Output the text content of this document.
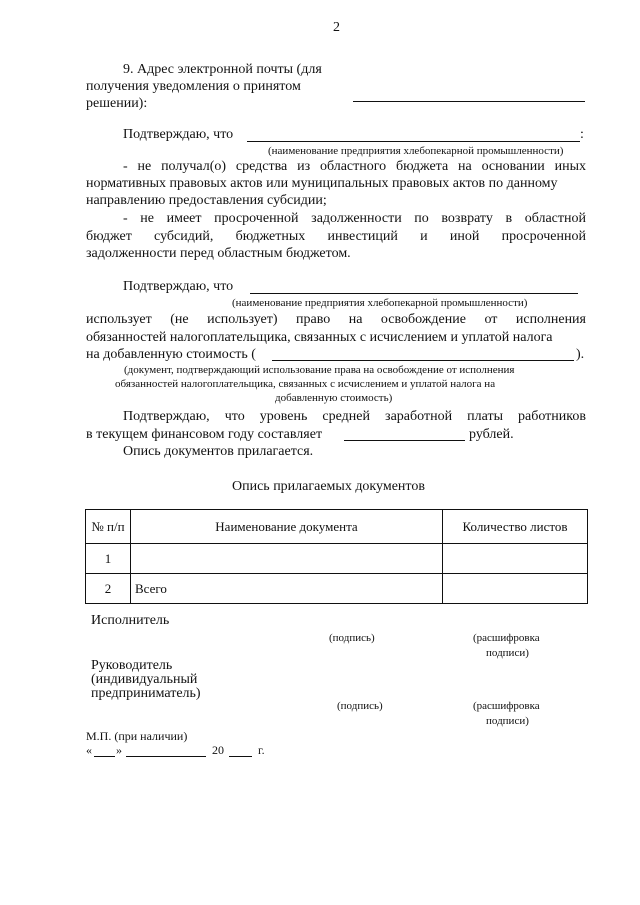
2
9. Адрес электронной почты (для
получения уведомления о принятом
решении):
Подтверждаю, что	:
(наименование предприятия хлебопекарной промышленности)
- не получал(о) средства из областного бюджета на основании иных
нормативных правовых актов или муниципальных правовых актов по данному
направлению предоставления субсидии;
- не имеет просроченной задолженности по возврату в областной
бюджет субсидий, бюджетных инвестиций и иной просроченной
задолженности перед областным бюджетом.
Подтверждаю, что
(наименование предприятия хлебопекарной промышленности)
использует (не использует) право на освобождение от исполнения
обязанностей налогоплательщика, связанных с исчислением и уплатой налога
на добавленную стоимость (	).
(документ, подтверждающий использование права на освобождение от исполнения
обязанностей налогоплательщика, связанных с исчислением и уплатой налога на
добавленную стоимость)
Подтверждаю, что уровень средней заработной платы работников
в текущем финансовом году составляет	рублей.
Опись документов прилагается.
Опись прилагаемых документов
№ п/п	Наименование документа	Количество листов
1		
2	Всего	
Исполнитель
(подпись)	(расшифровка
подписи)
Руководитель
(индивидуальный
предприниматель)
(подпись)	(расшифровка
подписи)
М.П. (при наличии)
« »	20	г.
